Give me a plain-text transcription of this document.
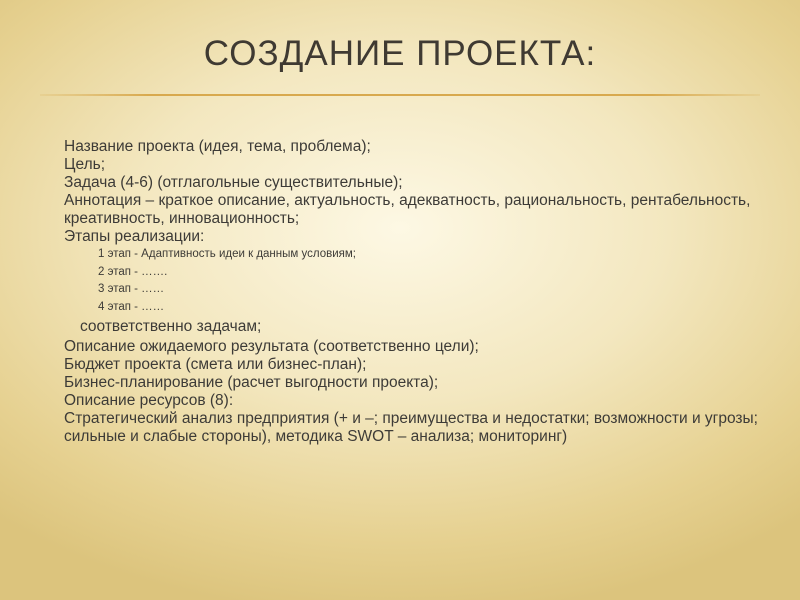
СОЗДАНИЕ ПРОЕКТА:
Название проекта (идея, тема, проблема);
Цель;
Задача (4-6) (отглагольные существительные);
Аннотация – краткое описание, актуальность, адекватность, рациональность, рентабельность, креативность, инновационность;
Этапы реализации:
1 этап - Адаптивность идеи к данным условиям;
2 этап - …….
3 этап - ……
4 этап - ……
соответственно задачам;
Описание ожидаемого результата (соответственно цели);
Бюджет проекта (смета или бизнес-план);
Бизнес-планирование (расчет выгодности проекта);
Описание ресурсов (8):
Стратегический анализ предприятия (+ и –; преимущества и недостатки; возможности и угрозы; сильные и слабые стороны), методика SWOT – анализа; мониторинг)
